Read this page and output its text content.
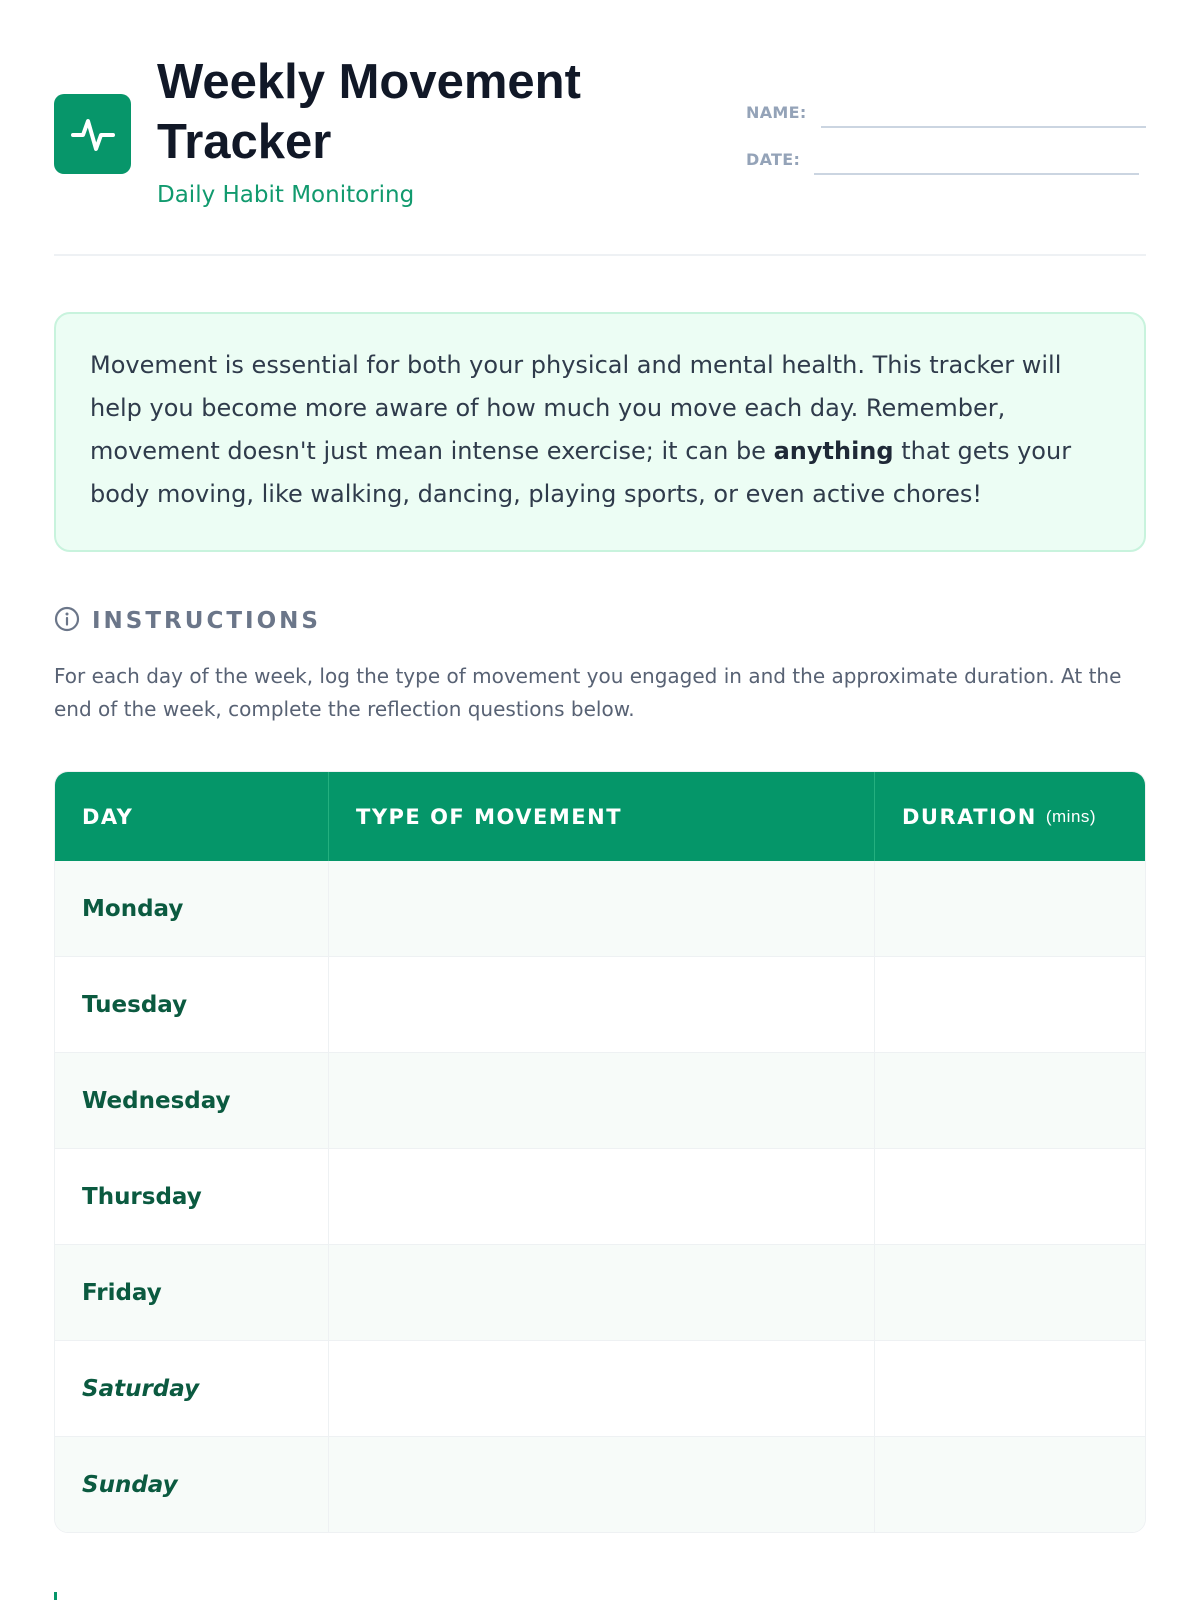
Weekly Movement Tracker
Daily Habit Monitoring
NAME:
DATE:
Movement is essential for both your physical and mental health. This tracker will help you become more aware of how much you move each day. Remember, movement doesn't just mean intense exercise; it can be anything that gets your body moving, like walking, dancing, playing sports, or even active chores!
INSTRUCTIONS
For each day of the week, log the type of movement you engaged in and the approximate duration. At the end of the week, complete the reflection questions below.
DAY	TYPE OF MOVEMENT	DURATION (mins)
Monday
Tuesday
Wednesday
Thursday
Friday
Saturday
Sunday
